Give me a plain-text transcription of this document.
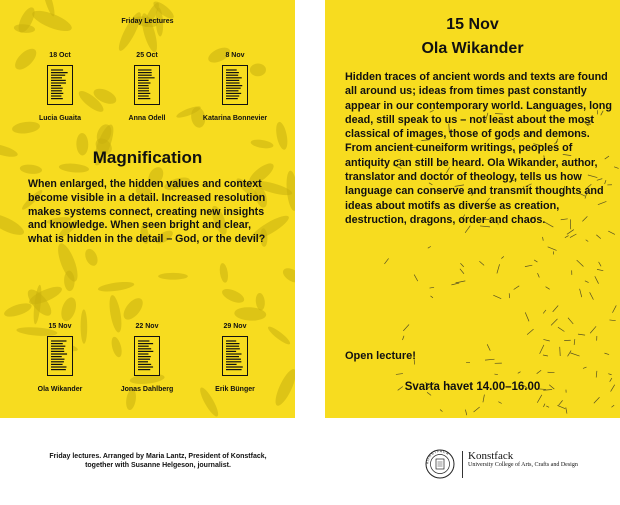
Friday Lectures
18 Oct
Lucia Guaita
25 Oct
Anna Odell
8 Nov
Katarina Bonnevier
Magnification
When enlarged, the hidden values and context become visible in a detail. Increased resolution makes systems connect, creating new insights and knowledge. When seen bright and clear, what is hidden in the detail – God, or the devil?
15 Nov
Ola Wikander
22 Nov
Jonas Dahlberg
29 Nov
Erik Bünger
15 Nov
Ola Wikander
Hidden traces of ancient words and texts are found all around us; ideas from times past constantly appear in our contemporary world. Languages, long dead, still speak to us – not least about the most classical of images, those of gods and demons. From ancient cuneiform writings, peoples of antiquity can still be heard. Ola Wikander, author, translator and doctor of theology, tells us how language can conserve and transmit thoughts and ideas about motifs as diverse as creation, destruction, dragons, order and chaos.
Open lecture!
Svarta havet 14.00–16.00
Friday lectures. Arranged by Maria Lantz, President of Konstfack, together with Susanne Helgeson, journalist.	KONSTFACK Konstfack
University College of Arts, Crafts and Design
